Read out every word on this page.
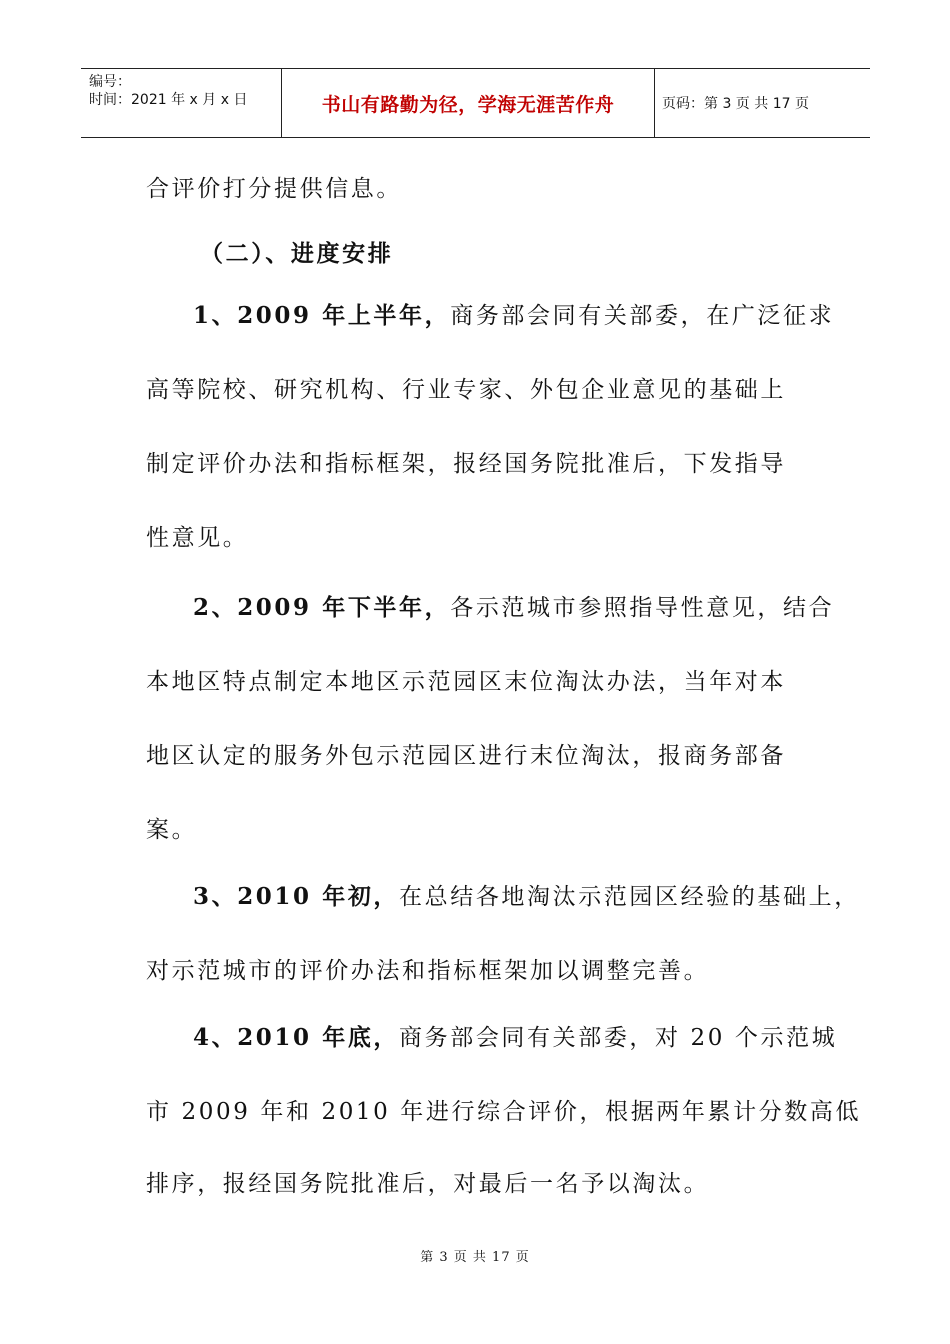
编号：
时间：2021 年 x 月 x 日	书山有路勤为径，学海无涯苦作舟	页码：第 3 页 共 17 页
合评价打分提供信息。
（二）、进度安排
1、2009 年上半年，商务部会同有关部委，在广泛征求
高等院校、研究机构、行业专家、外包企业意见的基础上
制定评价办法和指标框架，报经国务院批准后，下发指导
性意见。
2、2009 年下半年，各示范城市参照指导性意见，结合
本地区特点制定本地区示范园区末位淘汰办法，当年对本
地区认定的服务外包示范园区进行末位淘汰，报商务部备
案。
3、2010 年初，在总结各地淘汰示范园区经验的基础上，
对示范城市的评价办法和指标框架加以调整完善。
4、2010 年底，商务部会同有关部委，对 20 个示范城
市 2009 年和 2010 年进行综合评价，根据两年累计分数高低
排序，报经国务院批准后，对最后一名予以淘汰。
第 3 页 共 17 页
